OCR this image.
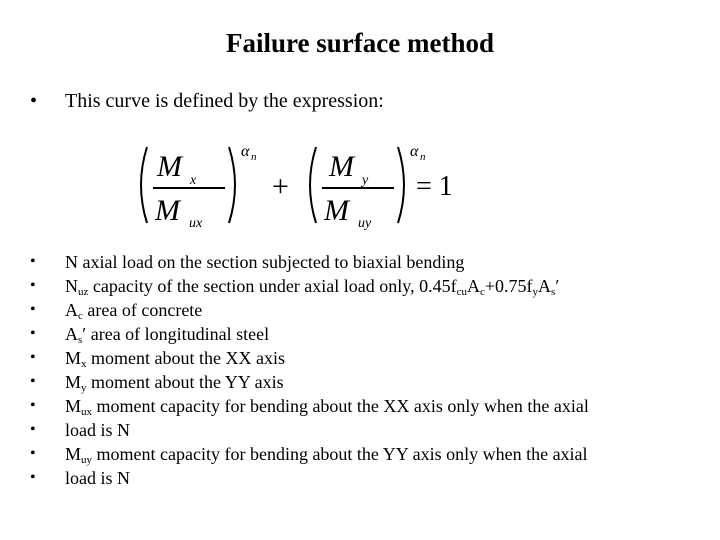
Failure surface method
•	This curve is defined by the expression:
M x
M ux
α n
+
M y
M uy
α n
= 1
•	N axial load on the section subjected to biaxial bending
•	$N_{uz}$ capacity of the section under axial load only, $0.45f_{cu}A_c+0.75f_yA_s'$
•	$A_c$ area of concrete
•	$A_s'$ area of longitudinal steel
•	$M_x$ moment about the XX axis
•	$M_y$ moment about the YY axis
•	$M_{ux}$ moment capacity for bending about the XX axis only when the axial
•	load is N
•	$M_{uy}$ moment capacity for bending about the YY axis only when the axial
•	load is N
